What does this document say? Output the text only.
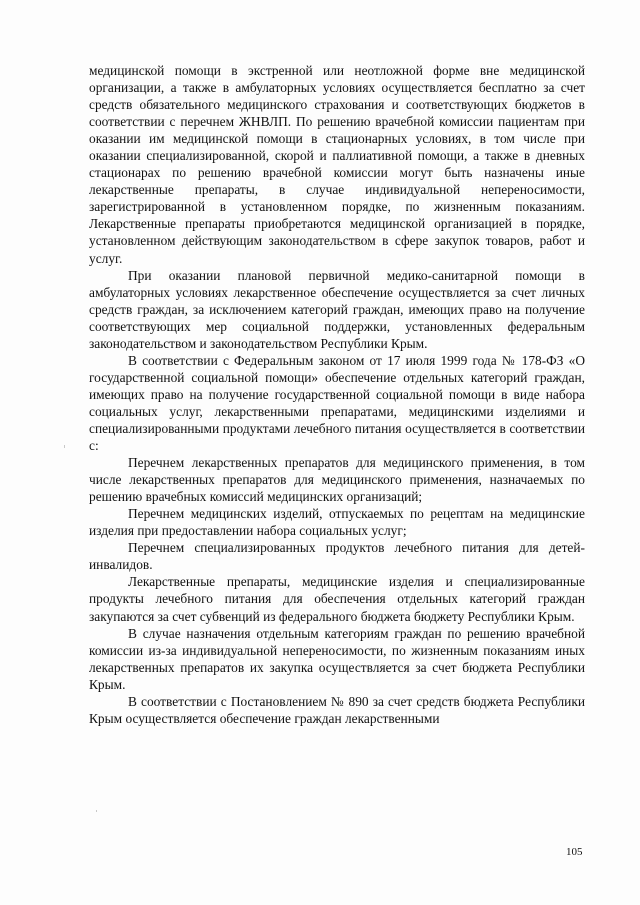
медицинской помощи в экстренной или неотложной форме вне медицинской организации, а также в амбулаторных условиях осуществляется бесплатно за счет средств обязательного медицинского страхования и соответствующих бюджетов в соответствии с перечнем ЖНВЛП. По решению врачебной комиссии пациентам при оказании им медицинской помощи в стационарных условиях, в том числе при оказании специализированной, скорой и паллиативной помощи, а также в дневных стационарах по решению врачебной комиссии могут быть назначены иные лекарственные препараты, в случае индивидуальной непереносимости, зарегистрированной в установленном порядке, по жизненным показаниям. Лекарственные препараты приобретаются медицинской организацией в порядке, установленном действующим законодательством в сфере закупок товаров, работ и услуг.

При оказании плановой первичной медико-санитарной помощи в амбулаторных условиях лекарственное обеспечение осуществляется за счет личных средств граждан, за исключением категорий граждан, имеющих право на получение соответствующих мер социальной поддержки, установленных федеральным законодательством и законодательством Республики Крым.

В соответствии с Федеральным законом от 17 июля 1999 года № 178-ФЗ «О государственной социальной помощи» обеспечение отдельных категорий граждан, имеющих право на получение государственной социальной помощи в виде набора социальных услуг, лекарственными препаратами, медицинскими изделиями и специализированными продуктами лечебного питания осуществляется в соответствии с:

Перечнем лекарственных препаратов для медицинского применения, в том числе лекарственных препаратов для медицинского применения, назначаемых по решению врачебных комиссий медицинских организаций;

Перечнем медицинских изделий, отпускаемых по рецептам на медицинские изделия при предоставлении набора социальных услуг;

Перечнем специализированных продуктов лечебного питания для детей-инвалидов.

Лекарственные препараты, медицинские изделия и специализированные продукты лечебного питания для обеспечения отдельных категорий граждан закупаются за счет субвенций из федерального бюджета бюджету Республики Крым.

В случае назначения отдельным категориям граждан по решению врачебной комиссии из-за индивидуальной непереносимости, по жизненным показаниям иных лекарственных препаратов их закупка осуществляется за счет бюджета Республики Крым.

В соответствии с Постановлением № 890 за счет средств бюджета Республики Крым осуществляется обеспечение граждан лекарственными

105
